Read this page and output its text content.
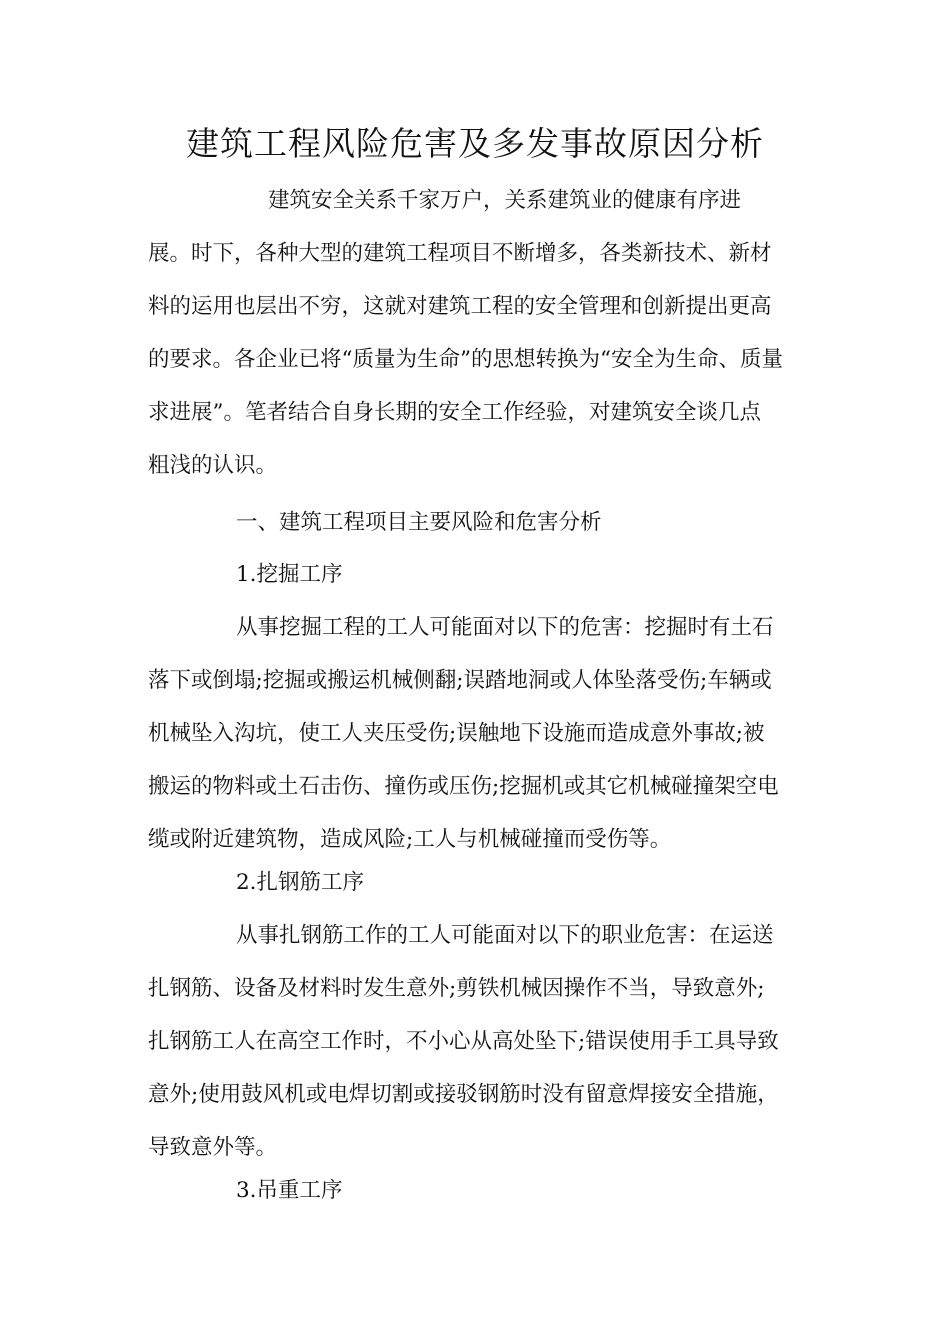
建筑工程风险危害及多发事故原因分析
建筑安全关系千家万户，关系建筑业的健康有序进
展。时下，各种大型的建筑工程项目不断增多，各类新技术、新材
料的运用也层出不穷，这就对建筑工程的安全管理和创新提出更高
的要求。各企业已将“质量为生命”的思想转换为“安全为生命、质量
求进展”。笔者结合自身长期的安全工作经验，对建筑安全谈几点
粗浅的认识。
一、建筑工程项目主要风险和危害分析
1.挖掘工序
从事挖掘工程的工人可能面对以下的危害：挖掘时有土石
落下或倒塌;挖掘或搬运机械侧翻;误踏地洞或人体坠落受伤;车辆或
机械坠入沟坑，使工人夹压受伤;误触地下设施而造成意外事故;被
搬运的物料或土石击伤、撞伤或压伤;挖掘机或其它机械碰撞架空电
缆或附近建筑物，造成风险;工人与机械碰撞而受伤等。
2.扎钢筋工序
从事扎钢筋工作的工人可能面对以下的职业危害：在运送
扎钢筋、设备及材料时发生意外;剪铁机械因操作不当，导致意外;
扎钢筋工人在高空工作时，不小心从高处坠下;错误使用手工具导致
意外;使用鼓风机或电焊切割或接驳钢筋时没有留意焊接安全措施，
导致意外等。
3.吊重工序
